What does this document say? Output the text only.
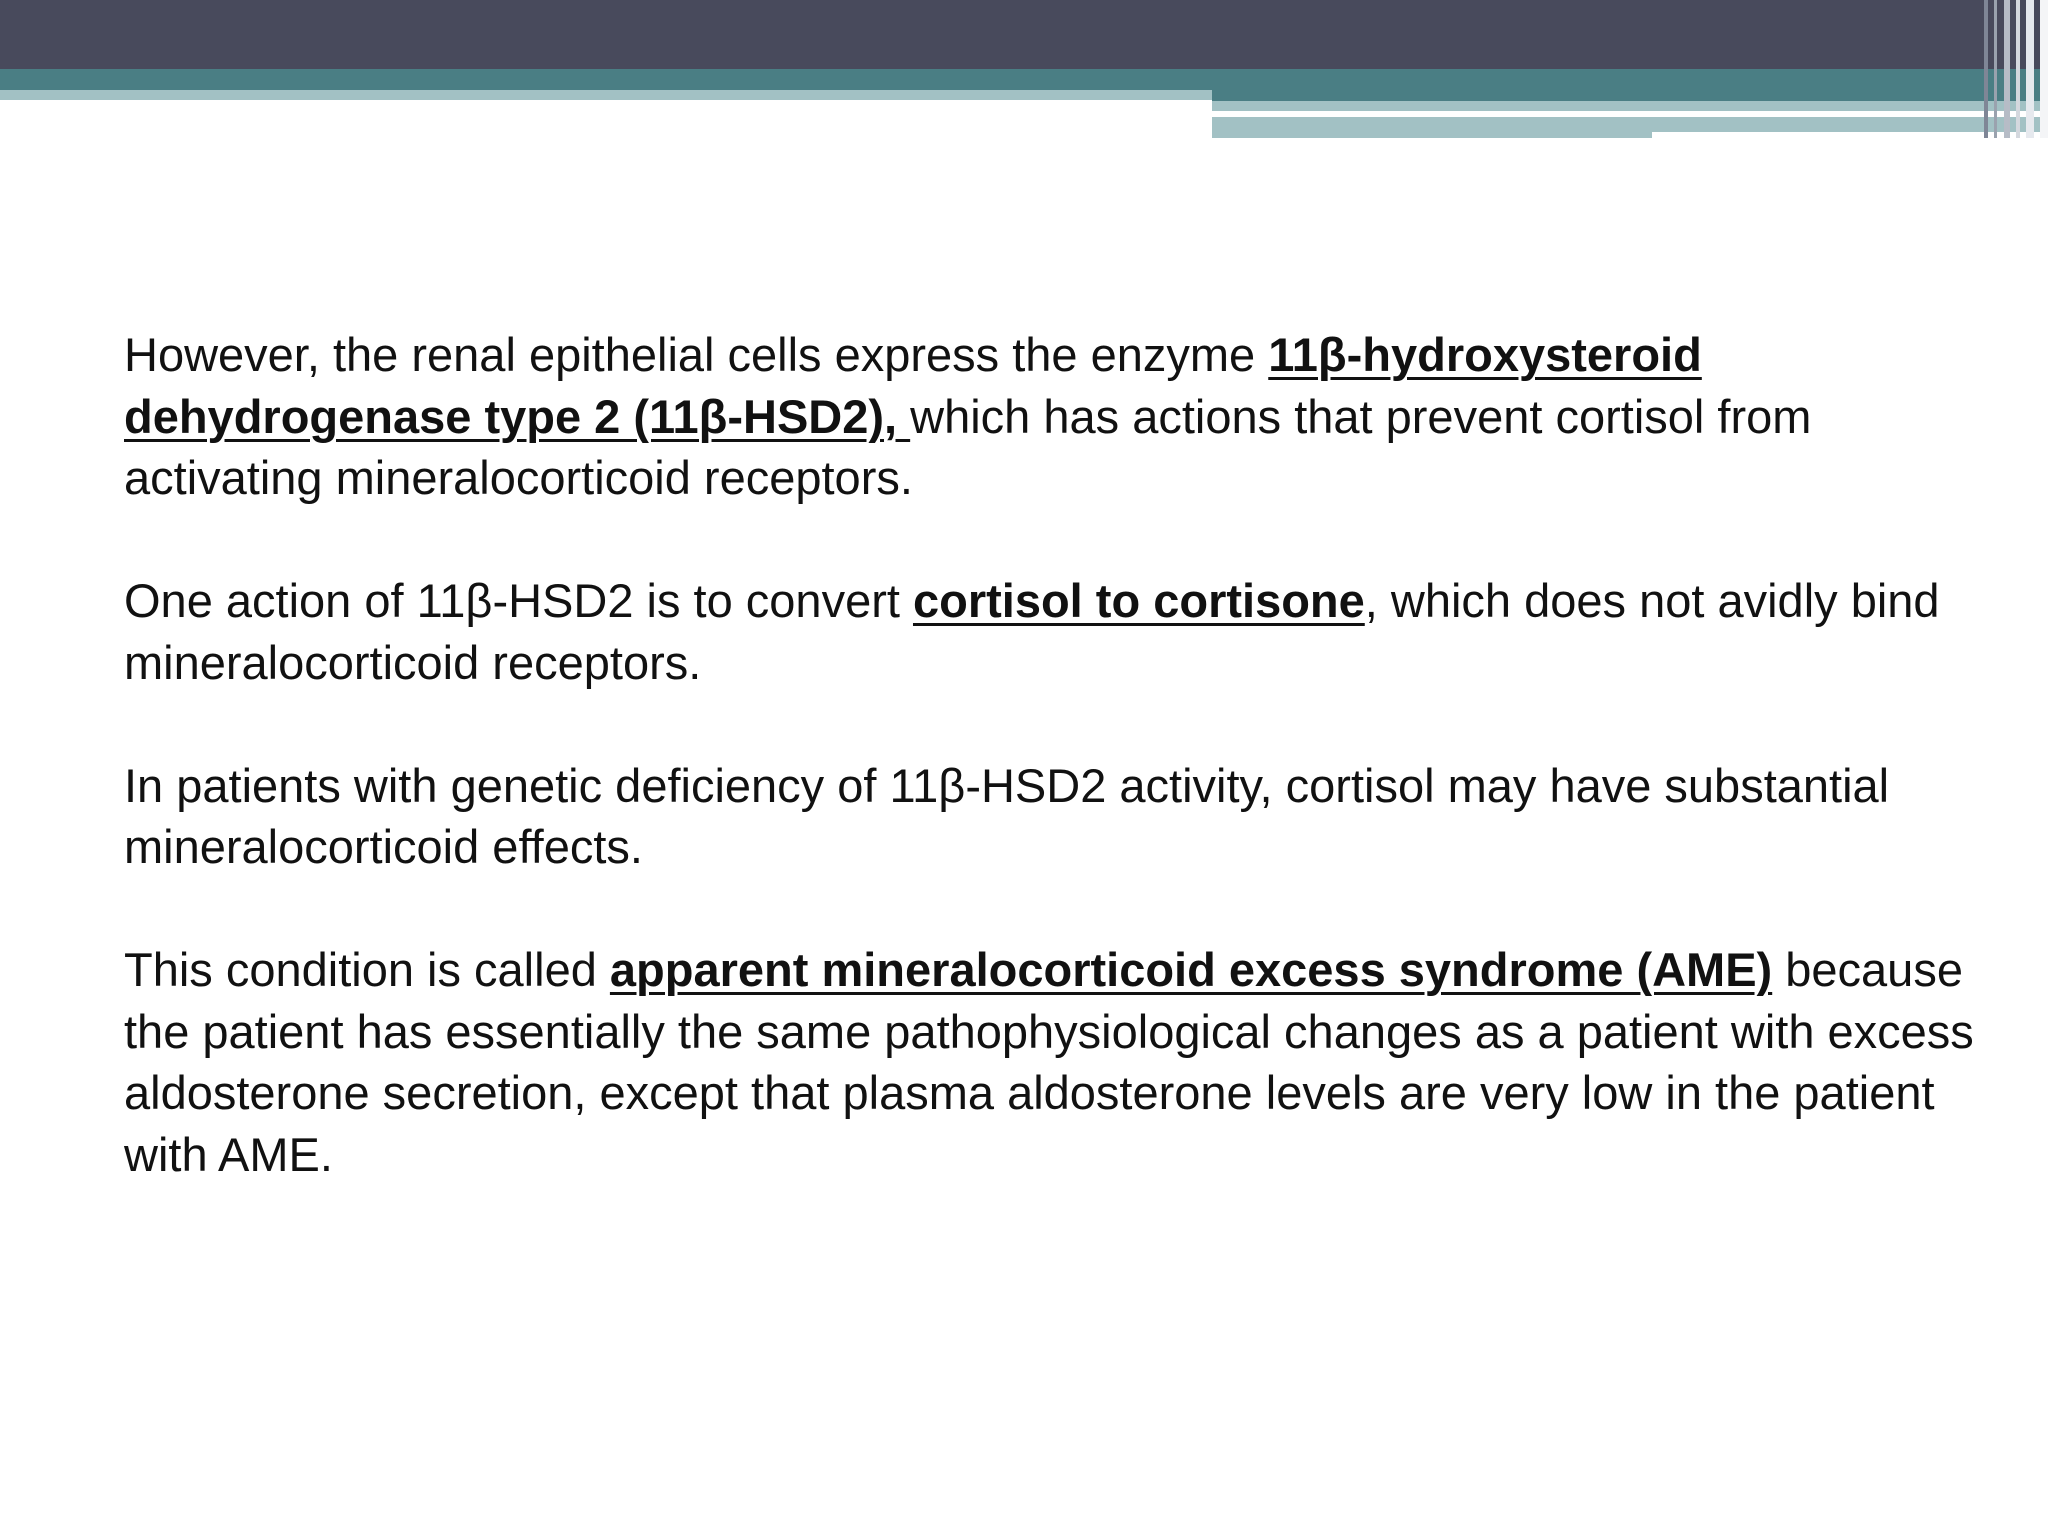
However, the renal epithelial cells express the enzyme 11β-hydroxysteroid dehydrogenase type 2 (11β-HSD2), which has actions that prevent cortisol from activating mineralocorticoid receptors.

One action of 11β-HSD2 is to convert cortisol to cortisone, which does not avidly bind mineralocorticoid receptors.

In patients with genetic deficiency of 11β-HSD2 activity, cortisol may have substantial mineralocorticoid effects.

This condition is called apparent mineralocorticoid excess syndrome (AME) because the patient has essentially the same pathophysiological changes as a patient with excess aldosterone secretion, except that plasma aldosterone levels are very low in the patient with AME.
